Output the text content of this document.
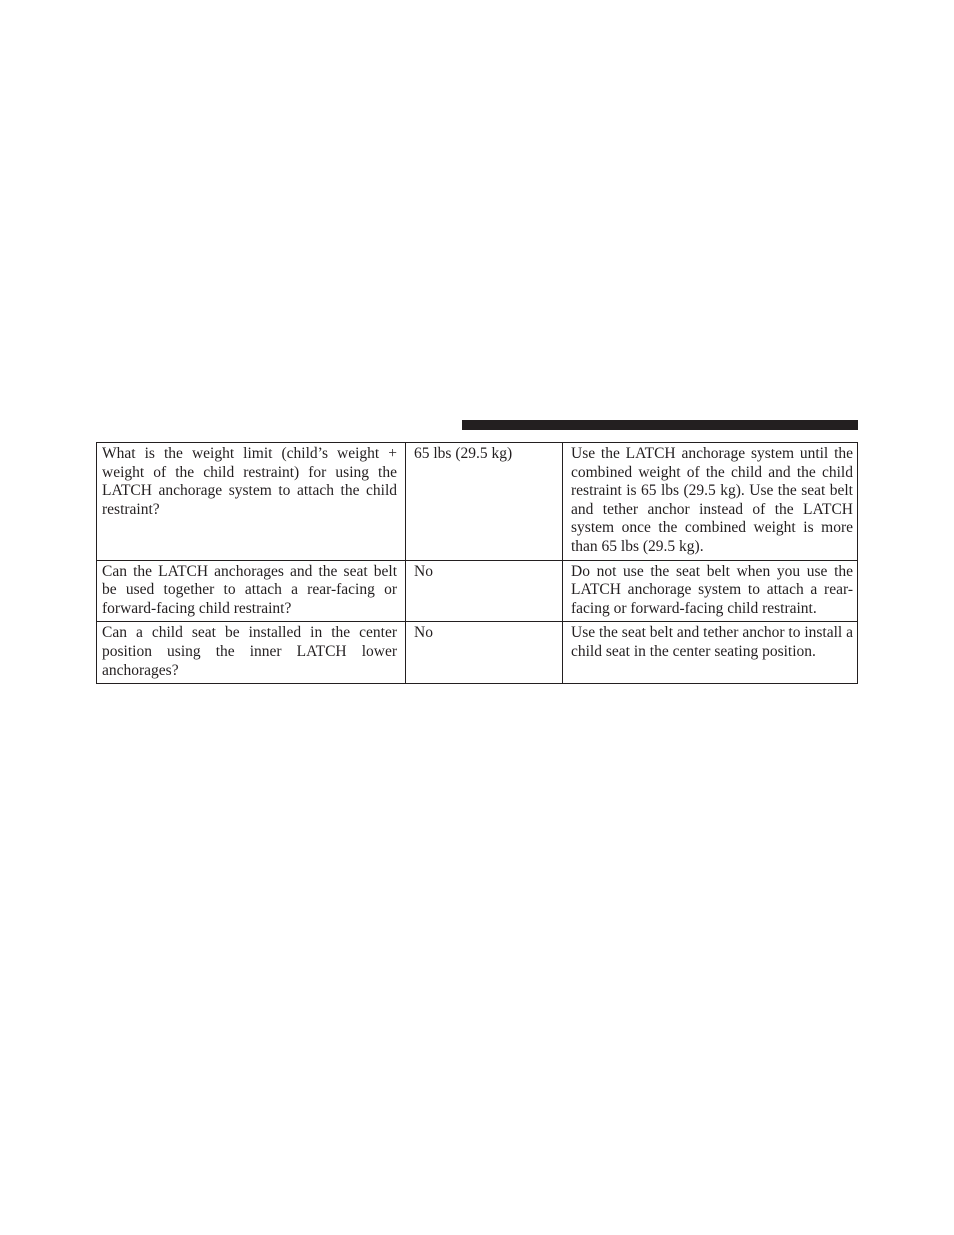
What is the weight limit (child’s weight + weight of the child restraint) for using the LATCH anchorage system to attach the child restraint?	65 lbs (29.5 kg)	Use the LATCH anchorage system until the combined weight of the child and the child restraint is 65 lbs (29.5 kg). Use the seat belt and tether anchor instead of the LATCH system once the combined weight is more than 65 lbs (29.5 kg).
Can the LATCH anchorages and the seat belt be used together to attach a rear-facing or forward-facing child restraint?	No	Do not use the seat belt when you use the LATCH anchorage system to attach a rear-facing or forward-facing child restraint.
Can a child seat be installed in the center position using the inner LATCH lower anchorages?	No	Use the seat belt and tether anchor to install a child seat in the center seating position.
